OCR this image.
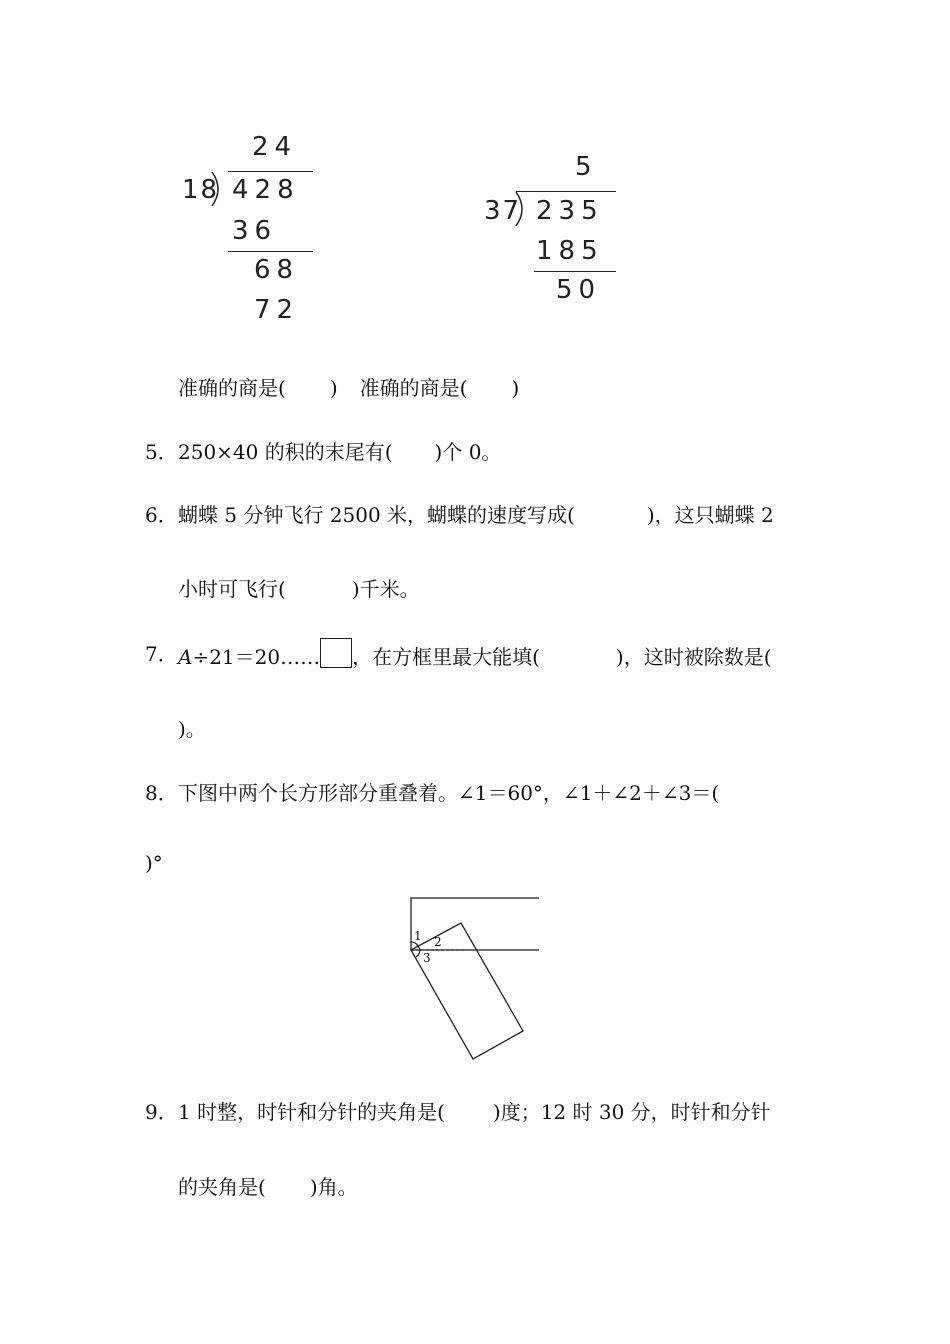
24
18 428
36
68
72
5
37 235
185
50
准确的商是( ) 准确的商是( )
5． 250×40 的积的末尾有( )个 0。
6． 蝴蝶 5 分钟飞行 2500 米，蝴蝶的速度写成(	)，这只蝴蝶 2
小时可飞行(	)千米。
7． A÷21＝20…… ，在方框里最大能填(	)，这时被除数是(
)。
8． 下图中两个长方形部分重叠着。∠1＝60°，∠1＋∠2＋∠3＝(
)°
1 2
3
9． 1 时整，时针和分针的夹角是( )度；12 时 30 分，时针和分针
的夹角是( )角。
